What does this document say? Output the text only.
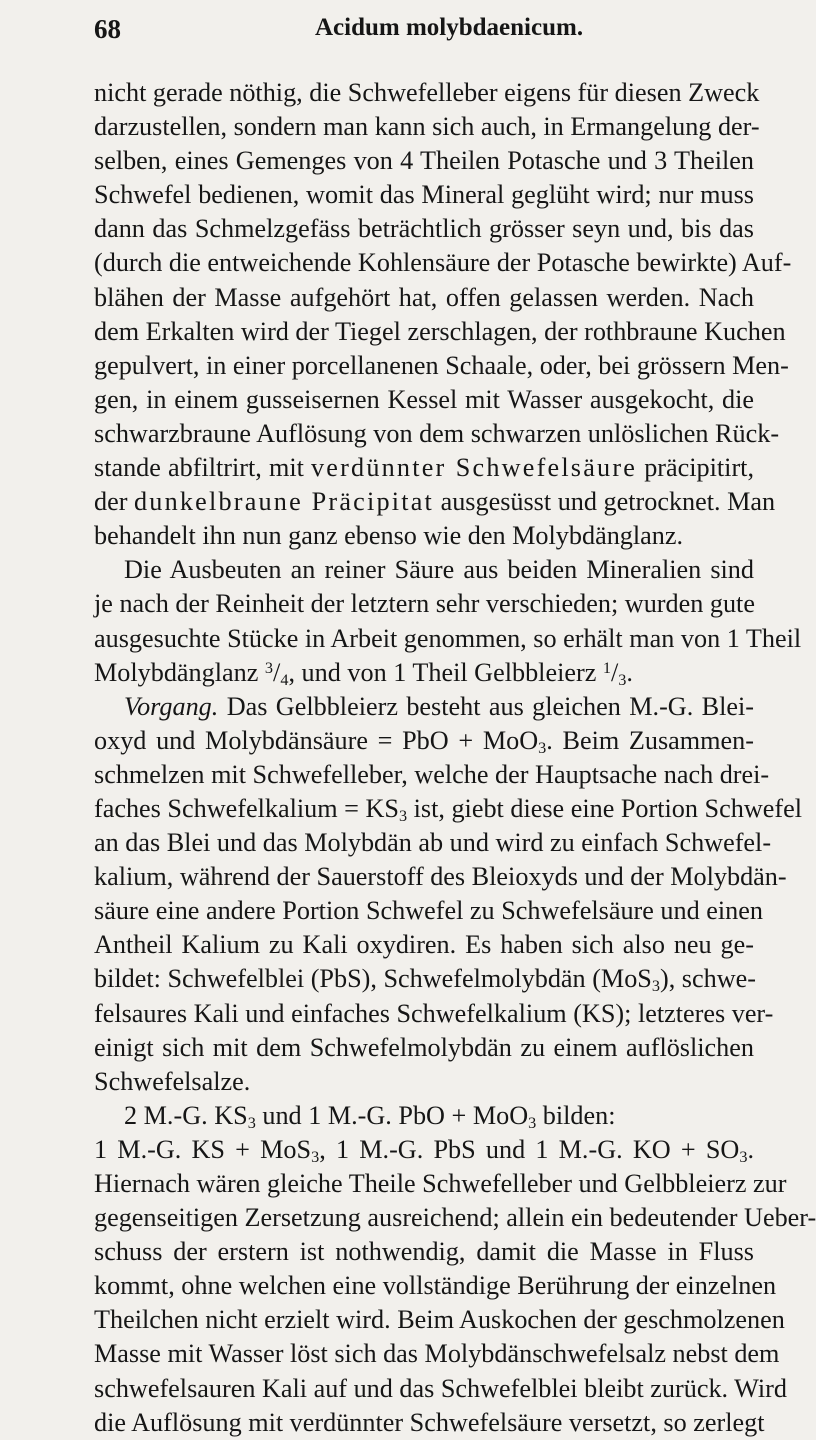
68	Acidum molybdaenicum.
nicht gerade nöthig, die Schwefelleber eigens für diesen Zweck
darzustellen, sondern man kann sich auch, in Ermangelung der-
selben, eines Gemenges von 4 Theilen Potasche und 3 Theilen
Schwefel bedienen, womit das Mineral geglüht wird; nur muss
dann das Schmelzgefäss beträchtlich grösser seyn und, bis das
(durch die entweichende Kohlensäure der Potasche bewirkte) Auf-
blähen der Masse aufgehört hat, offen gelassen werden. Nach
dem Erkalten wird der Tiegel zerschlagen, der rothbraune Kuchen
gepulvert, in einer porcellanenen Schaale, oder, bei grössern Men-
gen, in einem gusseisernen Kessel mit Wasser ausgekocht, die
schwarzbraune Auflösung von dem schwarzen unlöslichen Rück-
stande abfiltrirt, mit verdünnter Schwefelsäure präcipitirt,
der dunkelbraune Präcipitat ausgesüsst und getrocknet. Man
behandelt ihn nun ganz ebenso wie den Molybdänglanz.
Die Ausbeuten an reiner Säure aus beiden Mineralien sind
je nach der Reinheit der letztern sehr verschieden; wurden gute
ausgesuchte Stücke in Arbeit genommen, so erhält man von 1 Theil
Molybdänglanz $^3/_4$, und von 1 Theil Gelbbleierz $^1/_3$.
Vorgang. Das Gelbbleierz besteht aus gleichen M.-G. Blei-
oxyd und Molybdänsäure = PbO + MoO$_3$. Beim Zusammen-
schmelzen mit Schwefelleber, welche der Hauptsache nach drei-
faches Schwefelkalium = $KS_3$ ist, giebt diese eine Portion Schwefel
an das Blei und das Molybdän ab und wird zu einfach Schwefel-
kalium, während der Sauerstoff des Bleioxyds und der Molybdän-
säure eine andere Portion Schwefel zu Schwefelsäure und einen
Antheil Kalium zu Kali oxydiren. Es haben sich also neu ge-
bildet: Schwefelblei (PbS), Schwefelmolybdän (MoS$_3$), schwe-
felsaures Kali und einfaches Schwefelkalium (KS); letzteres ver-
einigt sich mit dem Schwefelmolybdän zu einem auflöslichen
Schwefelsalze.
2 M.-G. $KS_3$ und 1 M.-G. PbO + MoO$_3$ bilden:
1 M.-G. KS + MoS$_3$, 1 M.-G. PbS und 1 M.-G. KO + $SO_3$.
Hiernach wären gleiche Theile Schwefelleber und Gelbbleierz zur
gegenseitigen Zersetzung ausreichend; allein ein bedeutender Ueber-
schuss der erstern ist nothwendig, damit die Masse in Fluss
kommt, ohne welchen eine vollständige Berührung der einzelnen
Theilchen nicht erzielt wird. Beim Auskochen der geschmolzenen
Masse mit Wasser löst sich das Molybdänschwefelsalz nebst dem
schwefelsauren Kali auf und das Schwefelblei bleibt zurück. Wird
die Auflösung mit verdünnter Schwefelsäure versetzt, so zerlegt
